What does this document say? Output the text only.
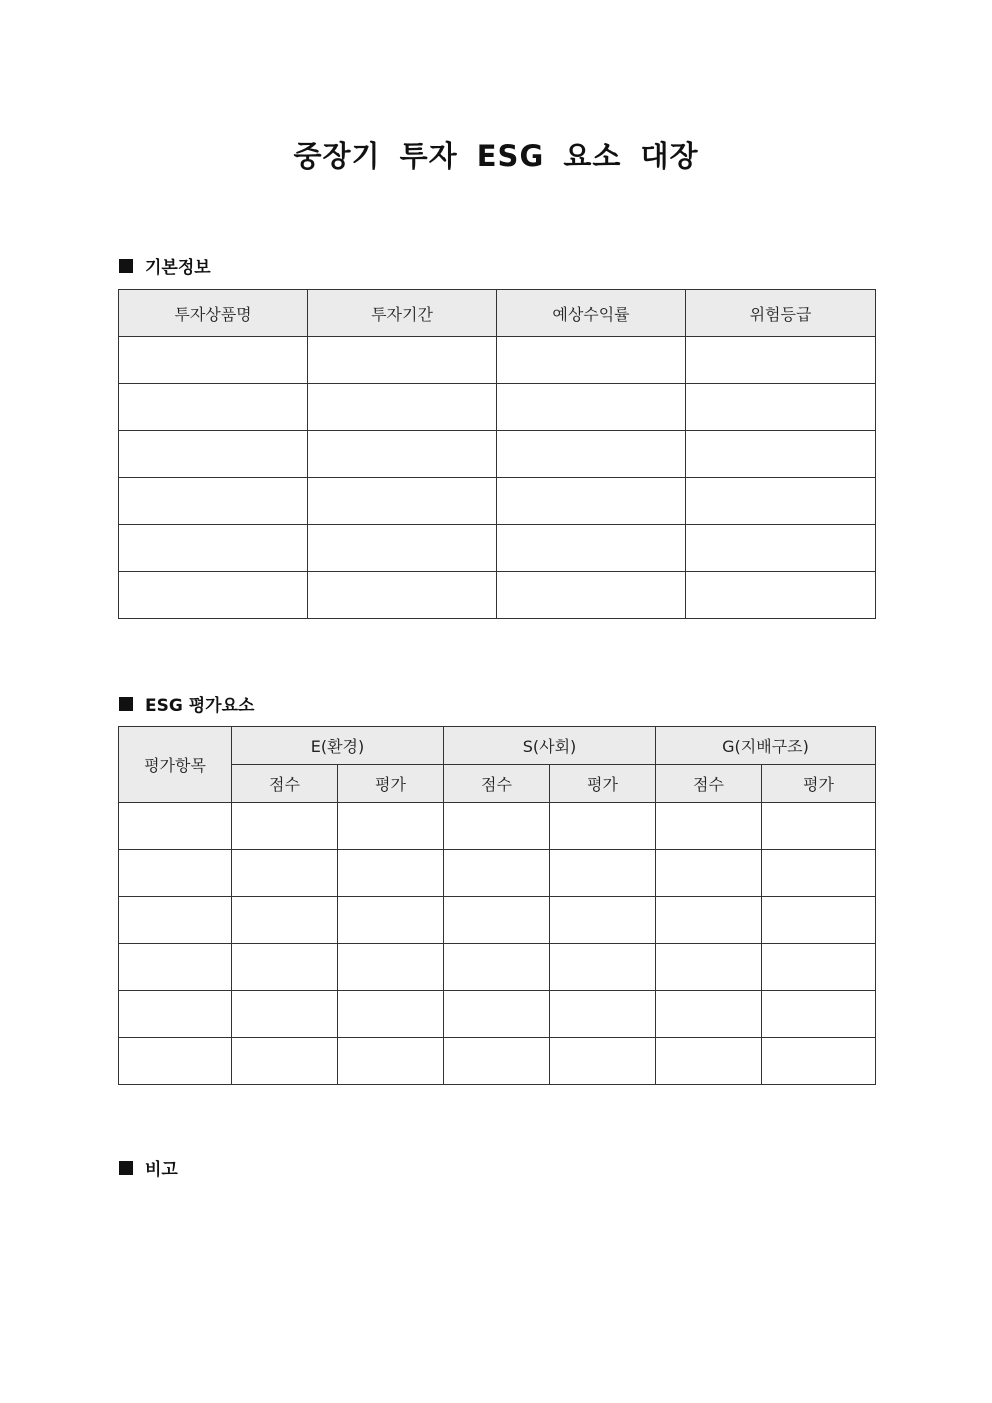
중장기 투자 ESG 요소 대장
기본정보
투자상품명	투자기간	예상수익률	위험등급

ESG 평가요소
평가항목	E(환경)		S(사회)		G(지배구조)	
	점수	평가	점수	평가	점수	평가

비고
